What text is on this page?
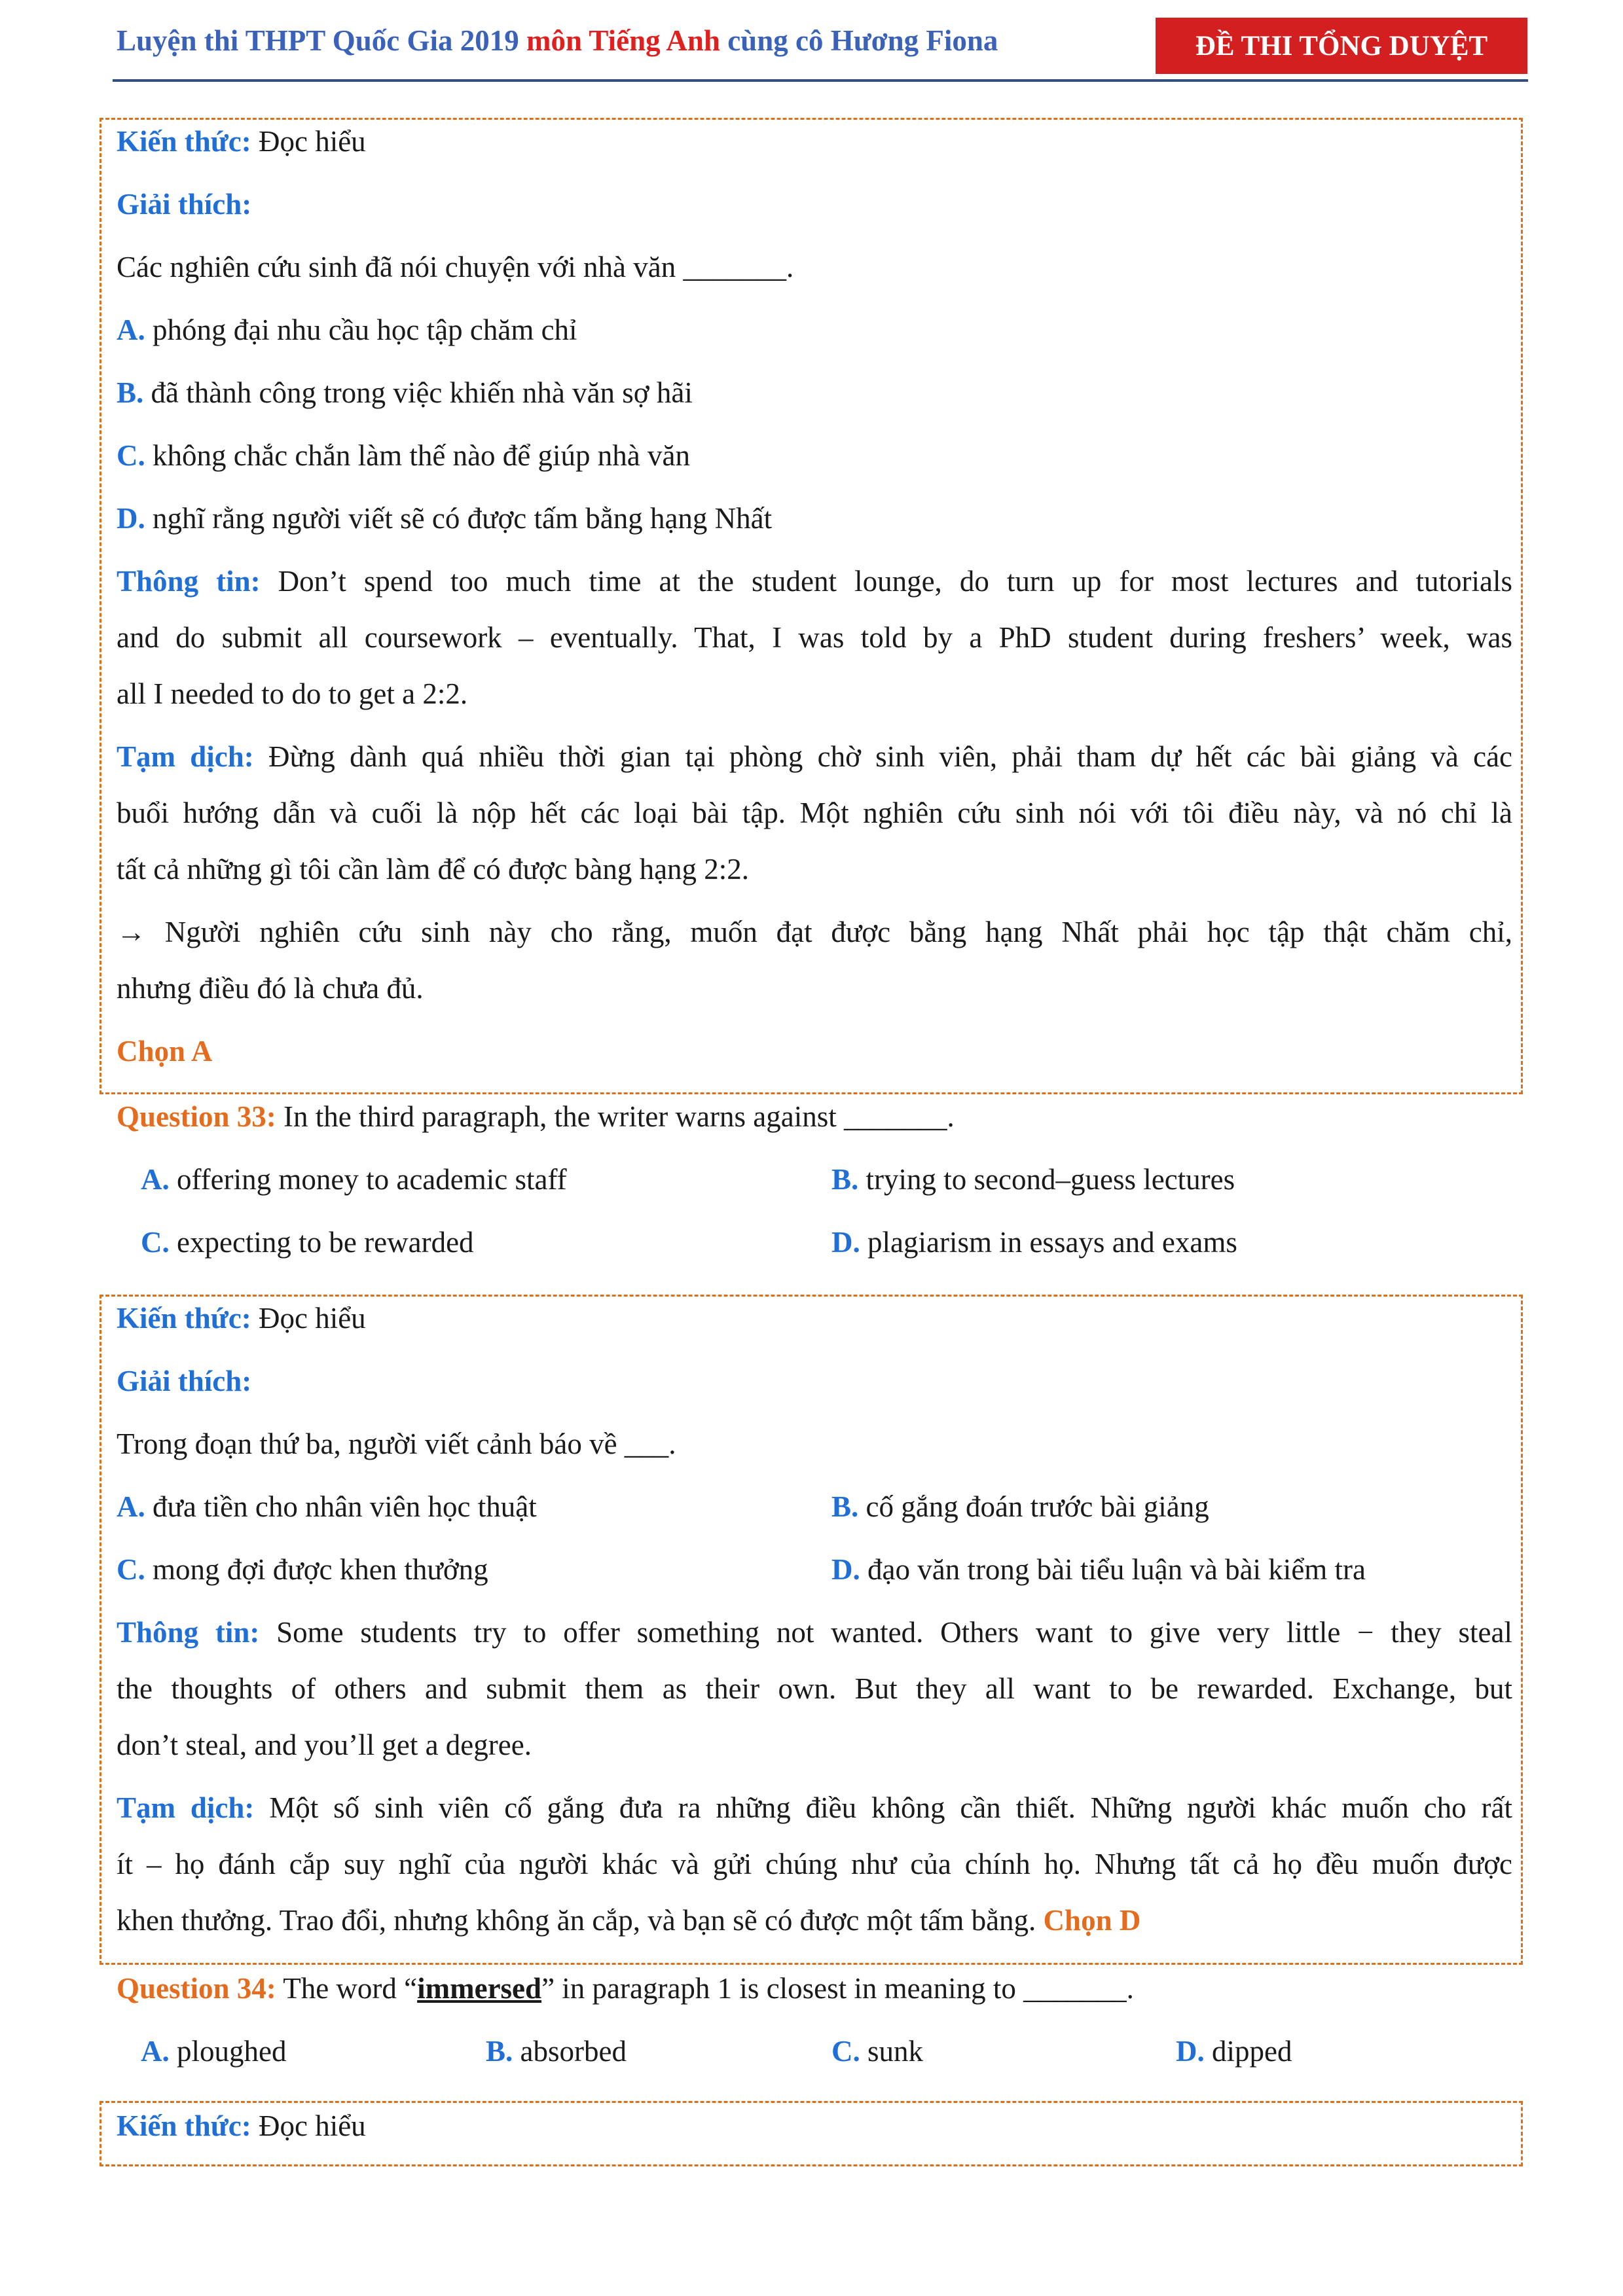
Luyện thi THPT Quốc Gia 2019 môn Tiếng Anh cùng cô Hương Fiona	ĐỀ THI TỔNG DUYỆT
Kiến thức: Đọc hiểu
Giải thích:
Các nghiên cứu sinh đã nói chuyện với nhà văn _______.
A. phóng đại nhu cầu học tập chăm chỉ
B. đã thành công trong việc khiến nhà văn sợ hãi
C. không chắc chắn làm thế nào để giúp nhà văn
D. nghĩ rằng người viết sẽ có được tấm bằng hạng Nhất
Thông tin: Don’t spend too much time at the student lounge, do turn up for most lectures and tutorials
and do submit all coursework – eventually. That, I was told by a PhD student during freshers’ week, was
all I needed to do to get a 2:2.
Tạm dịch: Đừng dành quá nhiều thời gian tại phòng chờ sinh viên, phải tham dự hết các bài giảng và các
buổi hướng dẫn và cuối là nộp hết các loại bài tập. Một nghiên cứu sinh nói với tôi điều này, và nó chỉ là
tất cả những gì tôi cần làm để có được bàng hạng 2:2.
→ Người nghiên cứu sinh này cho rằng, muốn đạt được bằng hạng Nhất phải học tập thật chăm chỉ,
nhưng điều đó là chưa đủ.
Chọn A
Question 33: In the third paragraph, the writer warns against _______.
A. offering money to academic staff	B. trying to second–guess lectures
C. expecting to be rewarded	D. plagiarism in essays and exams
Kiến thức: Đọc hiểu
Giải thích:
Trong đoạn thứ ba, người viết cảnh báo về ___.
A. đưa tiền cho nhân viên học thuật	B. cố gắng đoán trước bài giảng
C. mong đợi được khen thưởng	D. đạo văn trong bài tiểu luận và bài kiểm tra
Thông tin: Some students try to offer something not wanted. Others want to give very little − they steal
the thoughts of others and submit them as their own. But they all want to be rewarded. Exchange, but
don’t steal, and you’ll get a degree.
Tạm dịch: Một số sinh viên cố gắng đưa ra những điều không cần thiết. Những người khác muốn cho rất
ít – họ đánh cắp suy nghĩ của người khác và gửi chúng như của chính họ. Nhưng tất cả họ đều muốn được
khen thưởng. Trao đổi, nhưng không ăn cắp, và bạn sẽ có được một tấm bằng. Chọn D
Question 34: The word “immersed” in paragraph 1 is closest in meaning to _______.
A. ploughed	B. absorbed	C. sunk	D. dipped
Kiến thức: Đọc hiểu
